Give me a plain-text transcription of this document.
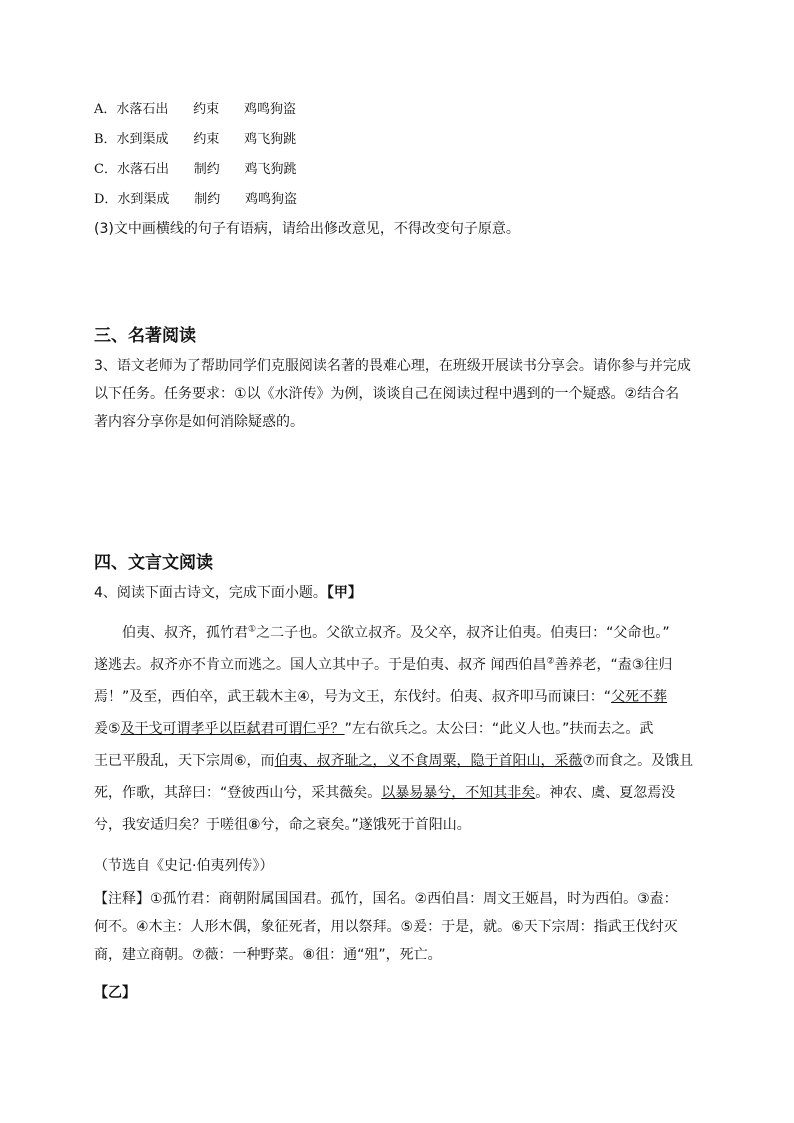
A．水落石出      约束      鸡鸣狗盗
B．水到渠成      约束      鸡飞狗跳
C．水落石出      制约      鸡飞狗跳
D．水到渠成      制约      鸡鸣狗盗
(3)文中画横线的句子有语病，请给出修改意见，不得改变句子原意。
三、名著阅读
3、语文老师为了帮助同学们克服阅读名著的畏难心理，在班级开展读书分享会。请你参与并完成
以下任务。任务要求：①以《水浒传》为例，谈谈自己在阅读过程中遇到的一个疑惑。②结合名
著内容分享你是如何消除疑惑的。
四、文言文阅读
4、阅读下面古诗文，完成下面小题。【甲】
伯夷、叔齐，孤竹君①之二子也。父欲立叔齐。及父卒，叔齐让伯夷。伯夷曰：“父命也。”
遂逃去。叔齐亦不肯立而逃之。国人立其中子。于是伯夷、叔齐 闻西伯昌②善养老，“盍③往归
焉！”及至，西伯卒，武王载木主④，号为文王，东伐纣。伯夷、叔齐叩马而谏曰：“父死不葬
爰⑤及干戈可谓孝乎以臣弑君可谓仁乎？”左右欲兵之。太公曰：“此义人也。”扶而去之。武
王已平殷乱，天下宗周⑥，而伯夷、叔齐耻之，义不食周粟，隐于首阳山，采薇⑦而食之。及饿且
死，作歌，其辞曰：“登彼西山兮，采其薇矣。以暴易暴兮，不知其非矣。神农、虞、夏忽焉没
兮，我安适归矣？于嗟徂⑧兮，命之衰矣。”遂饿死于首阳山。
（节选自《史记·伯夷列传》）
【注释】①孤竹君：商朝附属国国君。孤竹，国名。②西伯昌：周文王姬昌，时为西伯。③盍：
何不。④木主：人形木偶，象征死者，用以祭拜。⑤爰：于是，就。⑥天下宗周：指武王伐纣灭
商，建立商朝。⑦薇：一种野菜。⑧徂：通“殂”，死亡。
【乙】
